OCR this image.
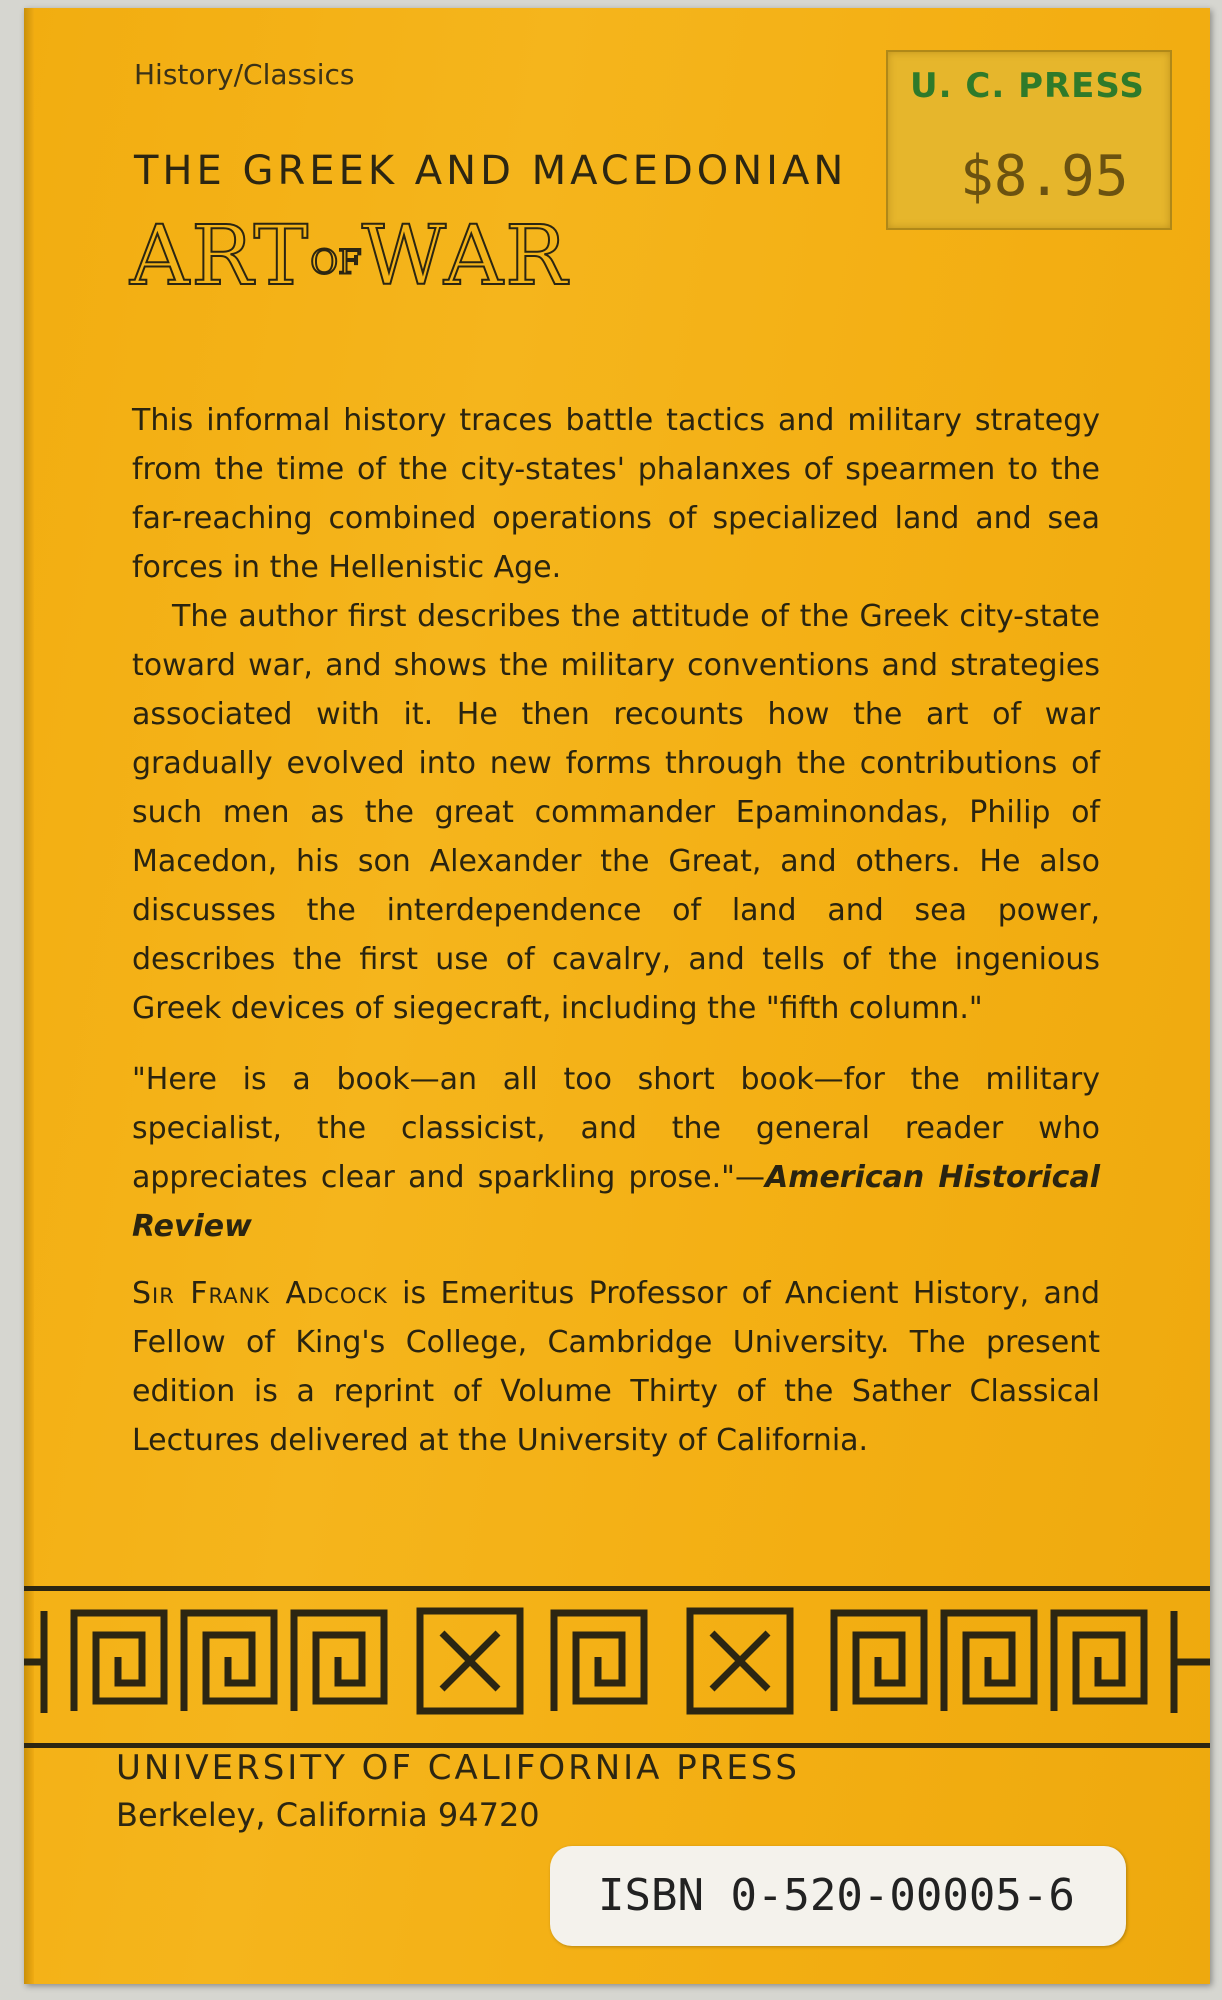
History/Classics
THE GREEK AND MACEDONIAN
ARTOFWAR
U. C. PRESS
$8.95

This informal history traces battle tactics and military strategy from the time of the city-states' phalanxes of spearmen to the far-reaching combined operations of specialized land and sea forces in the Hellenistic Age.

The author first describes the attitude of the Greek city-state toward war, and shows the military conventions and strategies associated with it. He then recounts how the art of war gradually evolved into new forms through the contributions of such men as the great commander Epaminondas, Philip of Macedon, his son Alexander the Great, and others. He also discusses the interdependence of land and sea power, describes the first use of cavalry, and tells of the ingenious Greek devices of siegecraft, including the "fifth column."

"Here is a book—an all too short book—for the military specialist, the classicist, and the general reader who appreciates clear and sparkling prose."—American Historical Review

Sir Frank Adcock is Emeritus Professor of Ancient History, and Fellow of King's College, Cambridge University. The present edition is a reprint of Volume Thirty of the Sather Classical Lectures delivered at the University of California.

UNIVERSITY OF CALIFORNIA PRESS
Berkeley, California 94720
ISBN 0-520-00005-6
